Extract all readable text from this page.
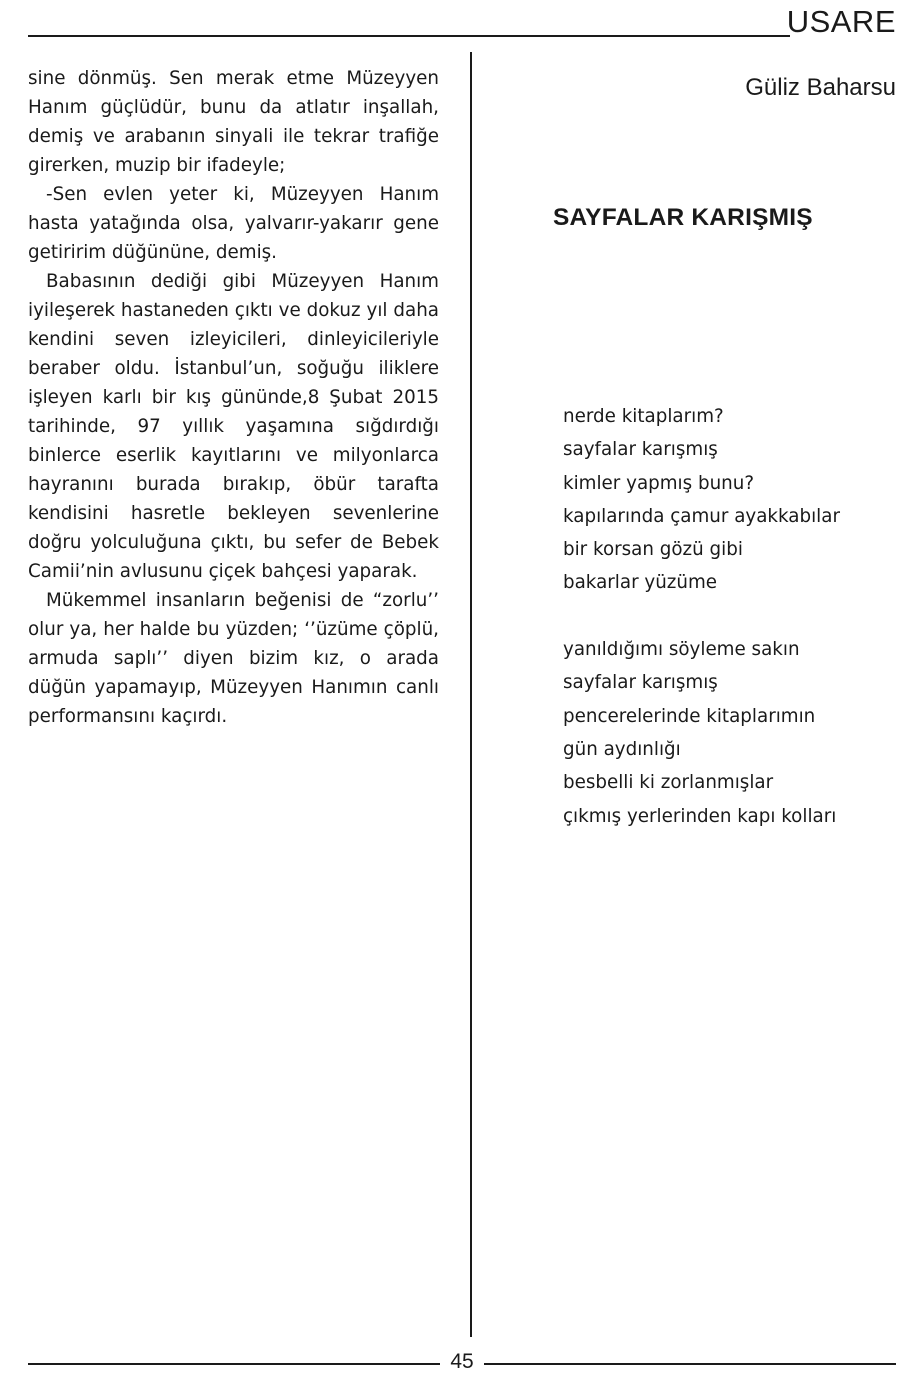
USARE

sine dönmüş. Sen merak etme Müzeyyen Hanım güçlüdür, bunu da atlatır inşallah, demiş ve arabanın sinyali ile tekrar trafiğe girerken, muzip bir ifadeyle;

-Sen evlen yeter ki, Müzeyyen Hanım hasta yatağında olsa, yalvarır-yakarır gene getiririm düğününe, demiş.

Babasının dediği gibi Müzeyyen Hanım iyileşerek hastaneden çıktı ve dokuz yıl daha kendini seven izleyicileri, dinleyicileriyle beraber oldu. İstanbul’un, soğuğu iliklere işleyen karlı bir kış gününde,8 Şubat 2015 tarihinde, 97 yıllık yaşamına sığdırdığı binlerce eserlik kayıtlarını ve milyonlarca hayranını burada bırakıp, öbür tarafta kendisini hasretle bekleyen sevenlerine doğru yolculuğuna çıktı, bu sefer de Bebek Camii’nin avlusunu çiçek bahçesi yaparak.

Mükemmel insanların beğenisi de “zorlu’’ olur ya, her halde bu yüzden; ‘’üzüme çöplü, armuda saplı’’ diyen bizim kız, o arada düğün yapamayıp, Müzeyyen Hanımın canlı performansını kaçırdı.

Güliz Baharsu
SAYFALAR KARIŞMIŞ
nerde kitaplarım?
sayfalar karışmış
kimler yapmış bunu?
kapılarında çamur ayakkabılar
bir korsan gözü gibi
bakarlar yüzüme
yanıldığımı söyleme sakın
sayfalar karışmış
pencerelerinde kitaplarımın
gün aydınlığı
besbelli ki zorlanmışlar
çıkmış yerlerinden kapı kolları
45
